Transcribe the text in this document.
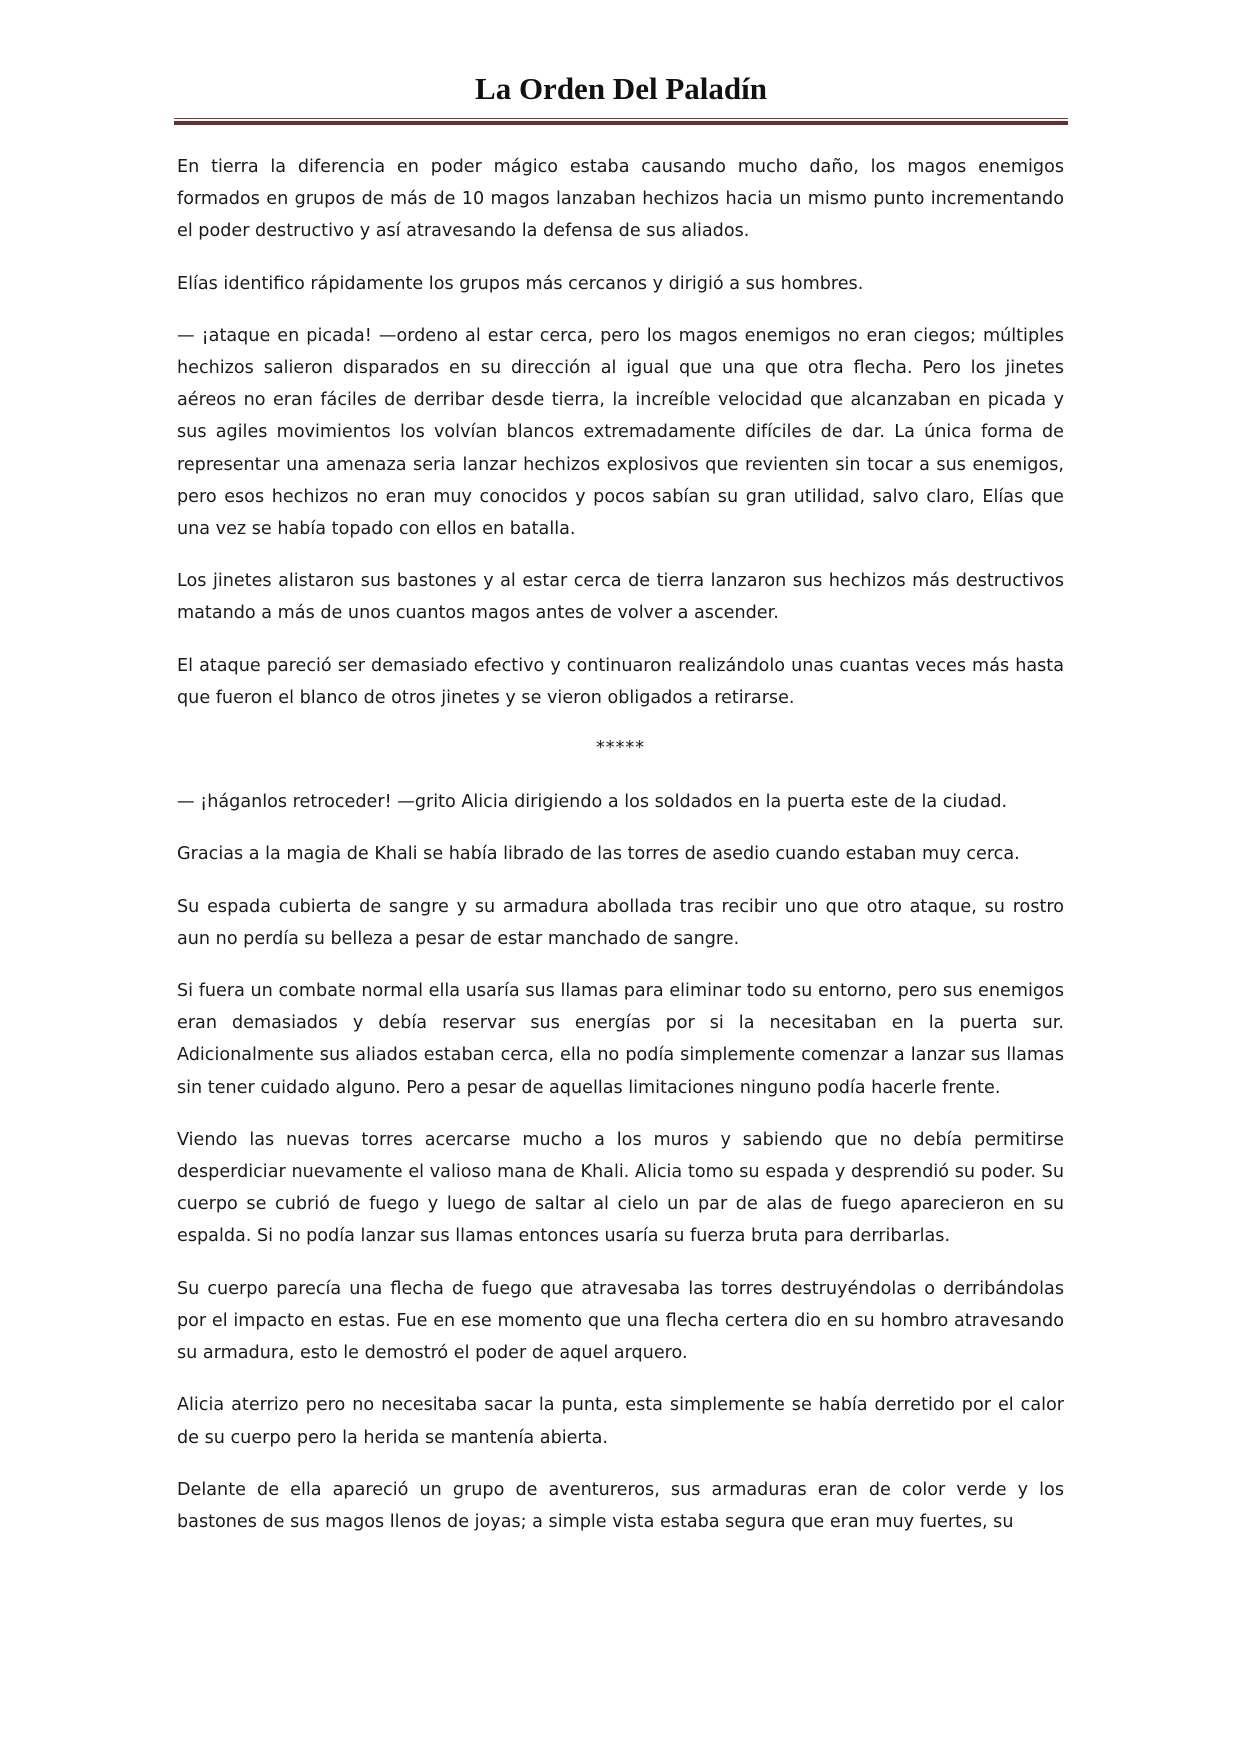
La Orden Del Paladín

En tierra la diferencia en poder mágico estaba causando mucho daño, los magos enemigos formados en grupos de más de 10 magos lanzaban hechizos hacia un mismo punto incrementando el poder destructivo y así atravesando la defensa de sus aliados.

Elías identifico rápidamente los grupos más cercanos y dirigió a sus hombres.

— ¡ataque en picada! —ordeno al estar cerca, pero los magos enemigos no eran ciegos; múltiples hechizos salieron disparados en su dirección al igual que una que otra flecha. Pero los jinetes aéreos no eran fáciles de derribar desde tierra, la increíble velocidad que alcanzaban en picada y sus agiles movimientos los volvían blancos extremadamente difíciles de dar. La única forma de representar una amenaza seria lanzar hechizos explosivos que revienten sin tocar a sus enemigos, pero esos hechizos no eran muy conocidos y pocos sabían su gran utilidad, salvo claro, Elías que una vez se había topado con ellos en batalla.

Los jinetes alistaron sus bastones y al estar cerca de tierra lanzaron sus hechizos más destructivos matando a más de unos cuantos magos antes de volver a ascender.

El ataque pareció ser demasiado efectivo y continuaron realizándolo unas cuantas veces más hasta que fueron el blanco de otros jinetes y se vieron obligados a retirarse.

*****

— ¡háganlos retroceder! —grito Alicia dirigiendo a los soldados en la puerta este de la ciudad.

Gracias a la magia de Khali se había librado de las torres de asedio cuando estaban muy cerca.

Su espada cubierta de sangre y su armadura abollada tras recibir uno que otro ataque, su rostro aun no perdía su belleza a pesar de estar manchado de sangre.

Si fuera un combate normal ella usaría sus llamas para eliminar todo su entorno, pero sus enemigos eran demasiados y debía reservar sus energías por si la necesitaban en la puerta sur. Adicionalmente sus aliados estaban cerca, ella no podía simplemente comenzar a lanzar sus llamas sin tener cuidado alguno. Pero a pesar de aquellas limitaciones ninguno podía hacerle frente.

Viendo las nuevas torres acercarse mucho a los muros y sabiendo que no debía permitirse desperdiciar nuevamente el valioso mana de Khali. Alicia tomo su espada y desprendió su poder. Su cuerpo se cubrió de fuego y luego de saltar al cielo un par de alas de fuego aparecieron en su espalda. Si no podía lanzar sus llamas entonces usaría su fuerza bruta para derribarlas.

Su cuerpo parecía una flecha de fuego que atravesaba las torres destruyéndolas o derribándolas por el impacto en estas. Fue en ese momento que una flecha certera dio en su hombro atravesando su armadura, esto le demostró el poder de aquel arquero.

Alicia aterrizo pero no necesitaba sacar la punta, esta simplemente se había derretido por el calor de su cuerpo pero la herida se mantenía abierta.

Delante de ella apareció un grupo de aventureros, sus armaduras eran de color verde y los bastones de sus magos llenos de joyas; a simple vista estaba segura que eran muy fuertes, su
